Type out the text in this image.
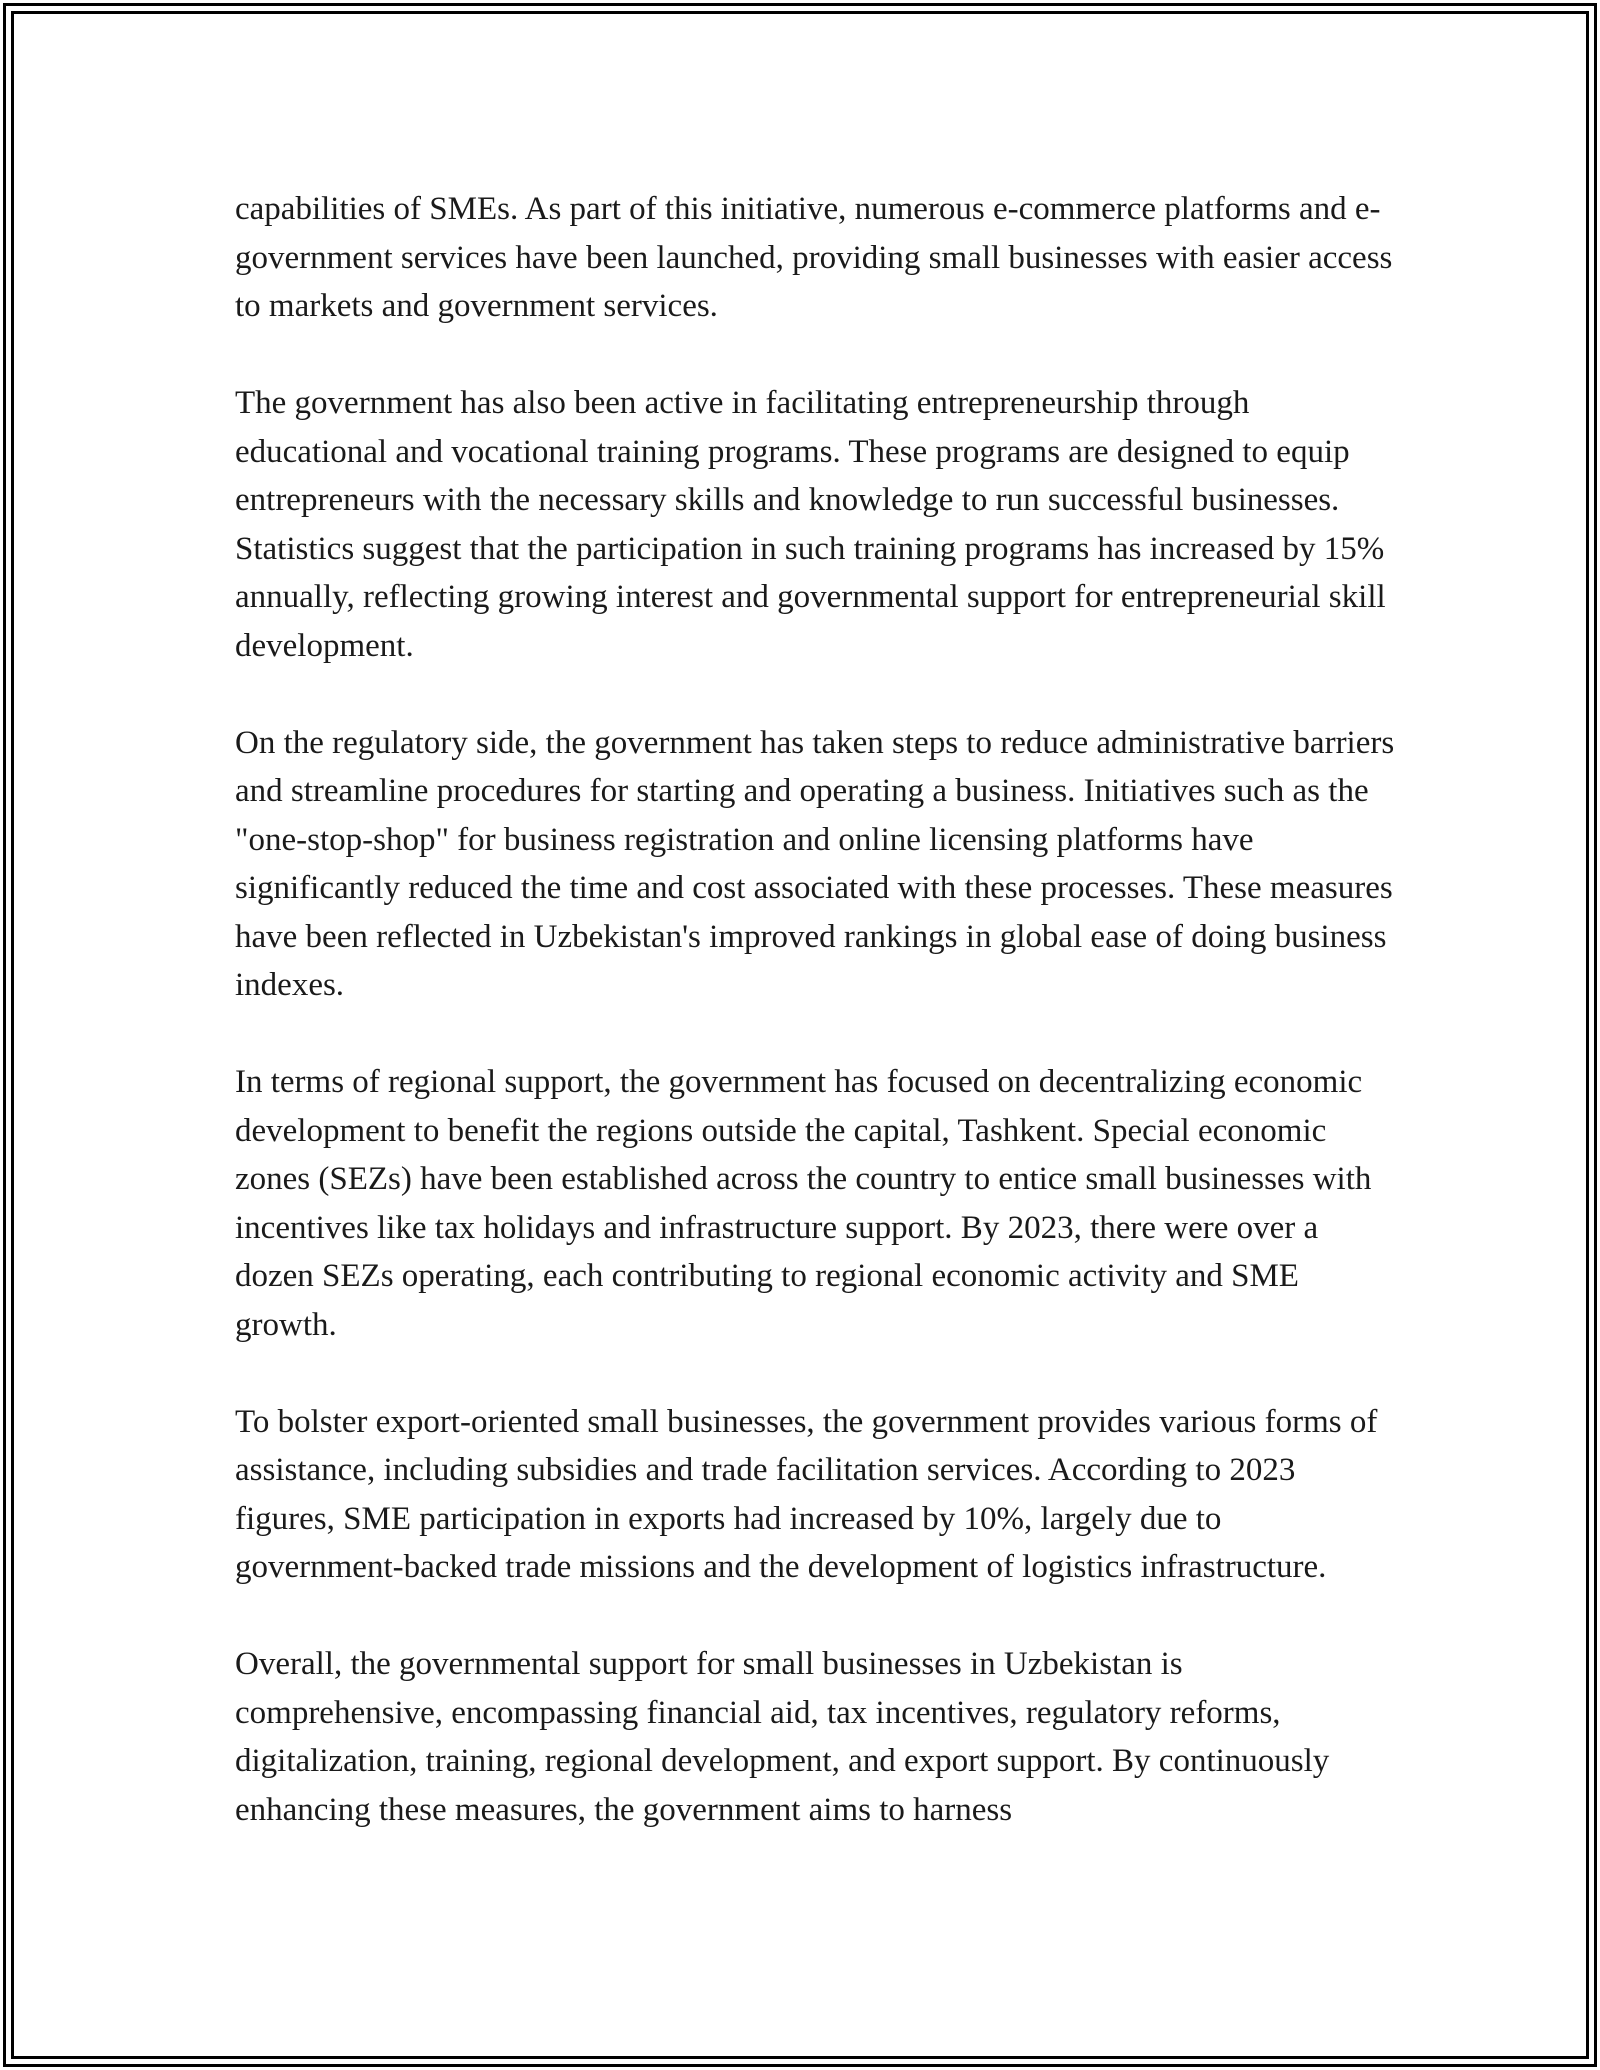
capabilities of SMEs. As part of this initiative, numerous e-commerce platforms and e-government services have been launched, providing small businesses with easier access to markets and government services.

The government has also been active in facilitating entrepreneurship through educational and vocational training programs. These programs are designed to equip entrepreneurs with the necessary skills and knowledge to run successful businesses. Statistics suggest that the participation in such training programs has increased by 15% annually, reflecting growing interest and governmental support for entrepreneurial skill development.

On the regulatory side, the government has taken steps to reduce administrative barriers and streamline procedures for starting and operating a business. Initiatives such as the "one-stop-shop" for business registration and online licensing platforms have significantly reduced the time and cost associated with these processes. These measures have been reflected in Uzbekistan's improved rankings in global ease of doing business indexes.

In terms of regional support, the government has focused on decentralizing economic development to benefit the regions outside the capital, Tashkent. Special economic zones (SEZs) have been established across the country to entice small businesses with incentives like tax holidays and infrastructure support. By 2023, there were over a dozen SEZs operating, each contributing to regional economic activity and SME growth.

To bolster export-oriented small businesses, the government provides various forms of assistance, including subsidies and trade facilitation services. According to 2023 figures, SME participation in exports had increased by 10%, largely due to government-backed trade missions and the development of logistics infrastructure.

Overall, the governmental support for small businesses in Uzbekistan is comprehensive, encompassing financial aid, tax incentives, regulatory reforms, digitalization, training, regional development, and export support. By continuously enhancing these measures, the government aims to harness
